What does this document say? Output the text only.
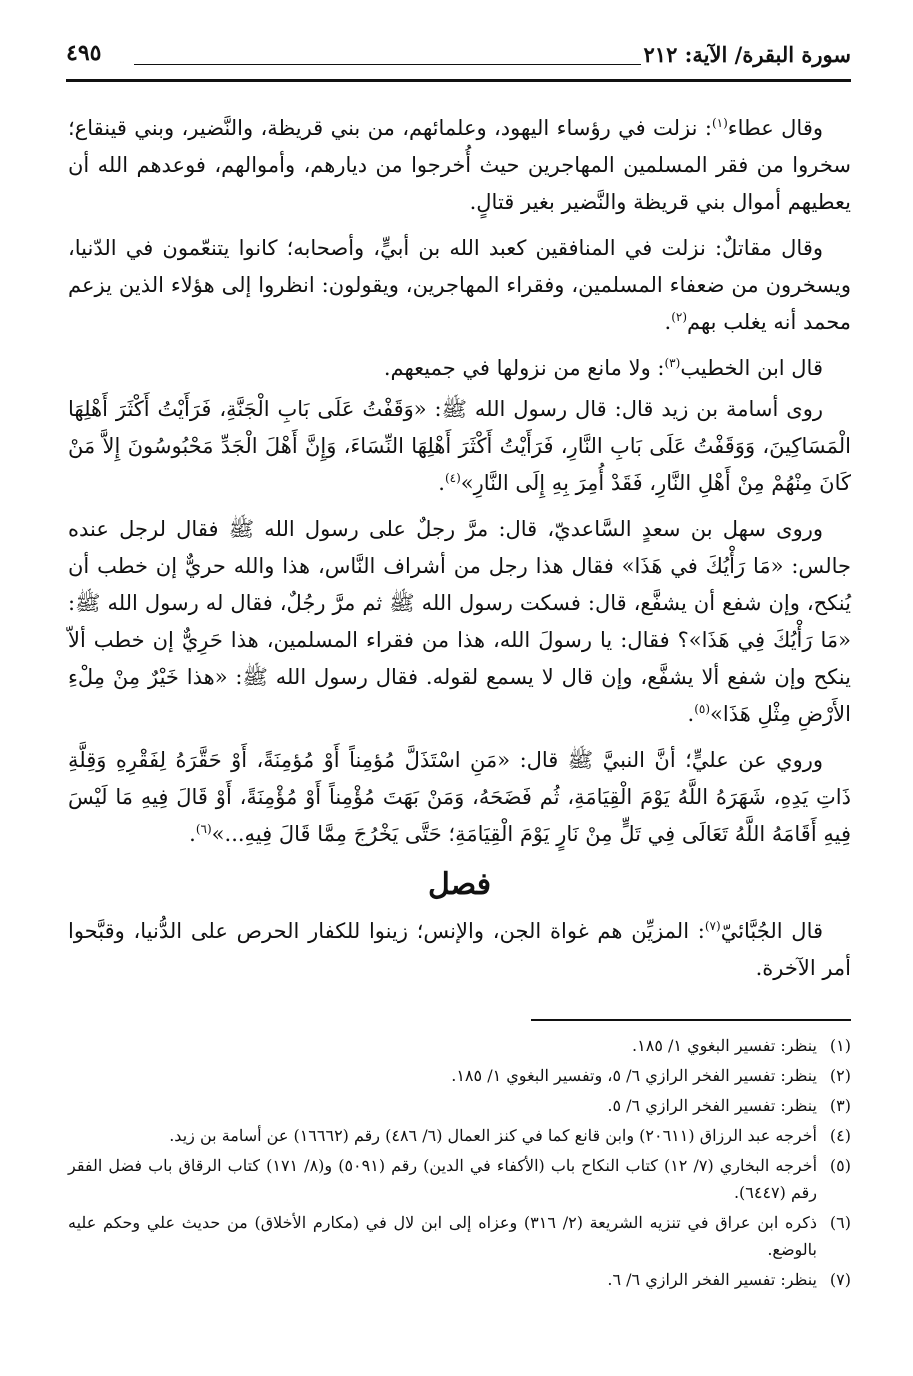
سورة البقرة/ الآية: ٢١٢
٤٩٥

وقال عطاء$^{(١)}$: نزلت في رؤساء اليهود، وعلمائهم، من بني قريظة، والنَّضير، وبني قينقاع؛ سخروا من فقر المسلمين المهاجرين حيث أُخرجوا من ديارهم، وأموالهم، فوعدهم الله أن يعطيهم أموال بني قريظة والنَّضير بغير قتالٍ.

وقال مقاتلٌ: نزلت في المنافقين كعبد الله بن أبيٍّ، وأصحابه؛ كانوا يتنعّمون في الدّنيا، ويسخرون من ضعفاء المسلمين، وفقراء المهاجرين، ويقولون: انظروا إلى هؤلاء الذين يزعم محمد أنه يغلب بهم$^{(٢)}$.

قال ابن الخطيب$^{(٣)}$: ولا مانع من نزولها في جميعهم.

روى أسامة بن زيد قال: قال رسول الله ﷺ: «وَقَفْتُ عَلَى بَابِ الْجَنَّةِ، فَرَأَيْتُ أَكْثَرَ أَهْلِهَا الْمَسَاكِينَ، وَوَقَفْتُ عَلَى بَابِ النَّارِ، فَرَأَيْتُ أَكْثَرَ أَهْلِهَا النِّسَاءَ، وَإِنَّ أَهْلَ الْجَدِّ مَحْبُوسُونَ إِلاَّ مَنْ كَانَ مِنْهُمْ مِنْ أَهْلِ النَّارِ، فَقَدْ أُمِرَ بِهِ إِلَى النَّارِ»$^{(٤)}$.

وروى سهل بن سعدٍ السَّاعديّ، قال: مرَّ رجلٌ على رسول الله ﷺ فقال لرجل عنده جالس: «مَا رَأْيُكَ في هَذَا» فقال هذا رجل من أشراف النَّاس، هذا والله حريٌّ إن خطب أن يُنكح، وإن شفع أن يشفَّع، قال: فسكت رسول الله ﷺ ثم مرَّ رجُلٌ، فقال له رسول الله ﷺ: «مَا رَأْيُكَ فِي هَذَا»؟ فقال: يا رسولَ الله، هذا من فقراء المسلمين، هذا حَرِيٌّ إن خطب ألاّ ينكح وإن شفع ألا يشفَّع، وإن قال لا يسمع لقوله. فقال رسول الله ﷺ: «هذا خَيْرٌ مِنْ مِلْءِ الأَرْضِ مِثْلِ هَذَا»$^{(٥)}$.

وروي عن عليٍّ؛ أنَّ النبيَّ ﷺ قال: «مَنِ اسْتَذَلَّ مُؤمِناً أَوْ مُؤمِنَةً، أَوْ حَقَّرَهُ لِفَقْرِهِ وَقِلَّةِ ذَاتِ يَدِهِ، شَهَرَهُ اللَّهُ يَوْمَ الْقِيَامَةِ، ثُم فَضَحَهُ، وَمَنْ بَهَتَ مُؤْمِناً أَوْ مُؤْمِنَةً، أَوْ قَالَ فِيهِ مَا لَيْسَ فِيهِ أَقَامَهُ اللَّهُ تَعَالَى فِي تَلٍّ مِنْ نَارٍ يَوْمَ الْقِيَامَةِ؛ حَتَّى يَخْرُجَ مِمَّا قَالَ فِيهِ...»$^{(٦)}$.

فصل

قال الجُبَّائيّ$^{(٧)}$: المزيِّن هم غواة الجن، والإنس؛ زينوا للكفار الحرص على الدُّنيا، وقبَّحوا أمر الآخرة.

(١)
ينظر: تفسير البغوي ١/ ١٨٥.

(٢)
ينظر: تفسير الفخر الرازي ٦/ ٥، وتفسير البغوي ١/ ١٨٥.

(٣)
ينظر: تفسير الفخر الرازي ٦/ ٥.

(٤)
أخرجه عبد الرزاق (٢٠٦١١) وابن قانع كما في كنز العمال (٦/ ٤٨٦) رقم (١٦٦٦٢) عن أسامة بن زيد.

(٥)
أخرجه البخاري (٧/ ١٢) كتاب النكاح باب (الأكفاء في الدين) رقم (٥٠٩١) و(٨/ ١٧١) كتاب الرقاق باب فضل الفقر رقم (٦٤٤٧).

(٦)
ذكره ابن عراق في تنزيه الشريعة (٢/ ٣١٦) وعزاه إلى ابن لال في (مكارم الأخلاق) من حديث علي وحكم عليه بالوضع.

(٧)
ينظر: تفسير الفخر الرازي ٦/ ٦.
